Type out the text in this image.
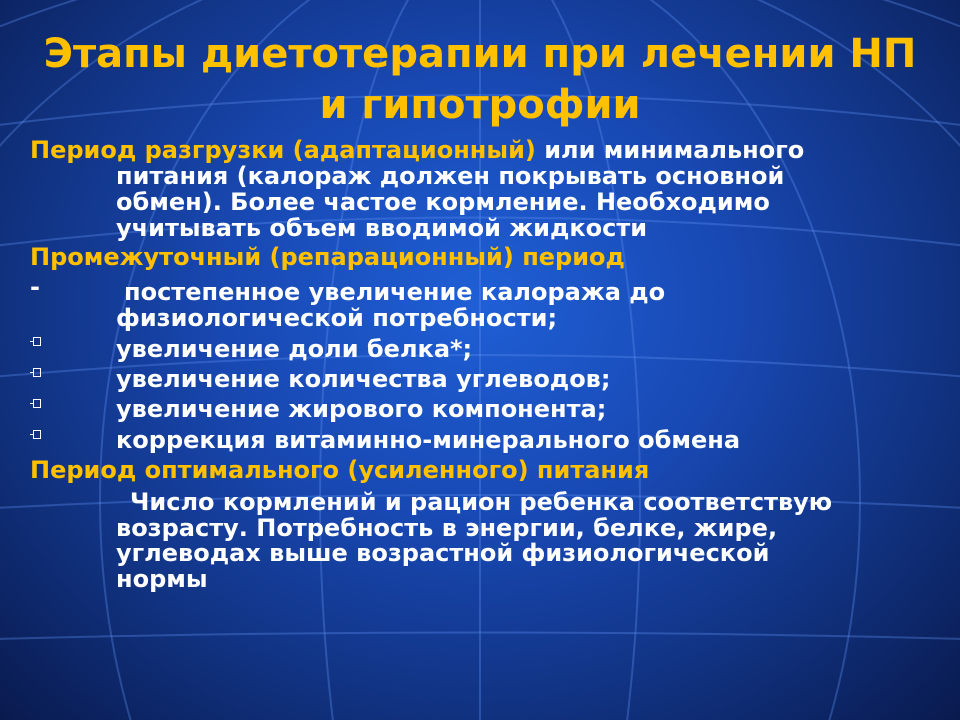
Этапы диетотерапии при лечении НП
и гипотрофии
Период разгрузки (адаптационный) или минимального
питания (калораж должен покрывать основной
обмен). Более частое кормление. Необходимо
учитывать объем вводимой жидкости
Промежуточный (репарационный) период
-	постепенное увеличение калоража до
физиологической потребности;
увеличение доли белка*;
увеличение количества углеводов;
увеличение жирового компонента;
коррекция витаминно-минерального обмена
Период оптимального (усиленного) питания
Число кормлений и рацион ребенка соответствую
возрасту. Потребность в энергии, белке, жире,
углеводах выше возрастной физиологической
нормы
